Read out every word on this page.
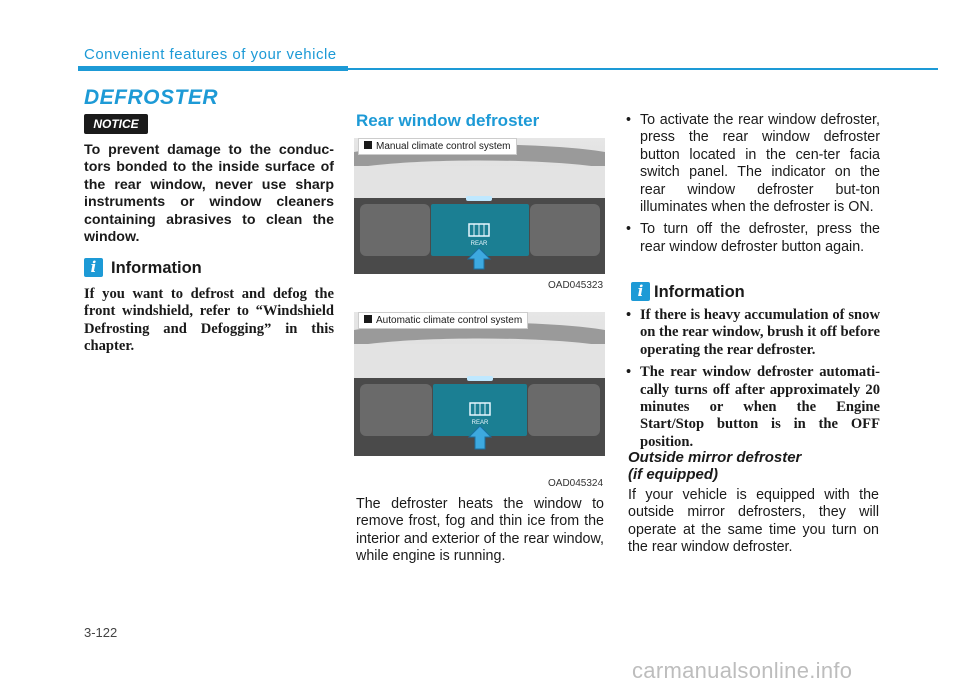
Convenient features of your vehicle
DEFROSTER
NOTICE
To prevent damage to the conduc-tors bonded to the inside surface of the rear window, never use sharp instruments or window cleaners containing abrasives to clean the window.
i Information
If you want to defrost and defog the front windshield, refer to “Windshield Defrosting and Defogging” in this chapter.
Rear window defroster
REAR
Manual climate control system
OAD045323
REAR
Automatic climate control system
OAD045324
The defroster heats the window to remove frost, fog and thin ice from the interior and exterior of the rear window, while engine is running.
• To activate the rear window defroster, press the rear window defroster button located in the cen-ter facia switch panel. The indicator on the rear window defroster but-ton illuminates when the defroster is ON.
• To turn off the defroster, press the rear window defroster button again.
i Information
• If there is heavy accumulation of snow on the rear window, brush it off before operating the rear defroster.
• The rear window defroster automati-cally turns off after approximately 20 minutes or when the Engine Start/Stop button is in the OFF position.
Outside mirror defroster
(if equipped)
If your vehicle is equipped with the outside mirror defrosters, they will operate at the same time you turn on the rear window defroster.
3-122
carmanualsonline.info
